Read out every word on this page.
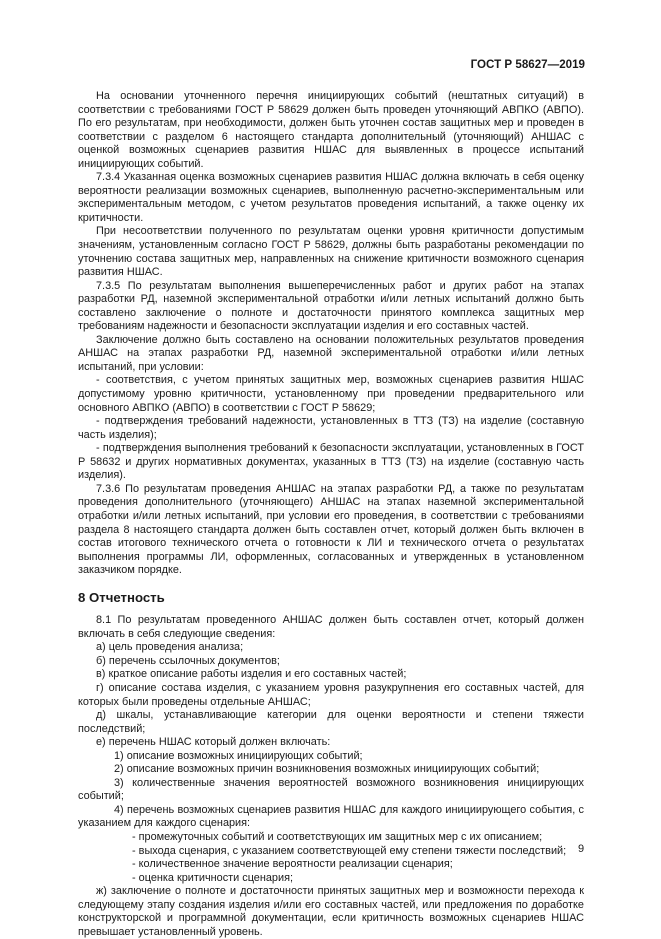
ГОСТ Р 58627—2019

На основании уточненного перечня инициирующих событий (нештатных ситуаций) в соответствии с требованиями ГОСТ Р 58629 должен быть проведен уточняющий АВПКО (АВПО). По его результатам, при необходимости, должен быть уточнен состав защитных мер и проведен в соответствии с разделом 6 настоящего стандарта дополнительный (уточняющий) АНШАС с оценкой возможных сценариев развития НШАС для выявленных в процессе испытаний инициирующих событий.

7.3.4 Указанная оценка возможных сценариев развития НШАС должна включать в себя оценку вероятности реализации возможных сценариев, выполненную расчетно-экспериментальным или экспериментальным методом, с учетом результатов проведения испытаний, а также оценку их критичности.

При несоответствии полученного по результатам оценки уровня критичности допустимым значениям, установленным согласно ГОСТ Р 58629, должны быть разработаны рекомендации по уточнению состава защитных мер, направленных на снижение критичности возможного сценария развития НШАС.

7.3.5 По результатам выполнения вышеперечисленных работ и других работ на этапах разработки РД, наземной экспериментальной отработки и/или летных испытаний должно быть составлено заключение о полноте и достаточности принятого комплекса защитных мер требованиям надежности и безопасности эксплуатации изделия и его составных частей.

Заключение должно быть составлено на основании положительных результатов проведения АНШАС на этапах разработки РД, наземной экспериментальной отработки и/или летных испытаний, при условии:

- соответствия, с учетом принятых защитных мер, возможных сценариев развития НШАС допустимому уровню критичности, установленному при проведении предварительного или основного АВПКО (АВПО) в соответствии с ГОСТ Р 58629;

- подтверждения требований надежности, установленных в ТТЗ (ТЗ) на изделие (составную часть изделия);

- подтверждения выполнения требований к безопасности эксплуатации, установленных в ГОСТ Р 58632 и других нормативных документах, указанных в ТТЗ (ТЗ) на изделие (составную часть изделия).

7.3.6 По результатам проведения АНШАС на этапах разработки РД, а также по результатам проведения дополнительного (уточняющего) АНШАС на этапах наземной экспериментальной отработки и/или летных испытаний, при условии его проведения, в соответствии с требованиями раздела 8 настоящего стандарта должен быть составлен отчет, который должен быть включен в состав итогового технического отчета о готовности к ЛИ и технического отчета о результатах выполнения программы ЛИ, оформленных, согласованных и утвержденных в установленном заказчиком порядке.

8 Отчетность

8.1 По результатам проведенного АНШАС должен быть составлен отчет, который должен включать в себя следующие сведения:

а) цель проведения анализа;

б) перечень ссылочных документов;

в) краткое описание работы изделия и его составных частей;

г) описание состава изделия, с указанием уровня разукрупнения его составных частей, для которых были проведены отдельные АНШАС;

д) шкалы, устанавливающие категории для оценки вероятности и степени тяжести последствий;

е) перечень НШАС который должен включать:

1) описание возможных инициирующих событий;

2) описание возможных причин возникновения возможных инициирующих событий;

3) количественные значения вероятностей возможного возникновения инициирующих событий;

4) перечень возможных сценариев развития НШАС для каждого инициирующего события, с указанием для каждого сценария:

- промежуточных событий и соответствующих им защитных мер с их описанием;

- выхода сценария, с указанием соответствующей ему степени тяжести последствий;

- количественное значение вероятности реализации сценария;

- оценка критичности сценария;

ж) заключение о полноте и достаточности принятых защитных мер и возможности перехода к следующему этапу создания изделия и/или его составных частей, или предложения по доработке конструкторской и программной документации, если критичность возможных сценариев НШАС превышает установленный уровень.

9
